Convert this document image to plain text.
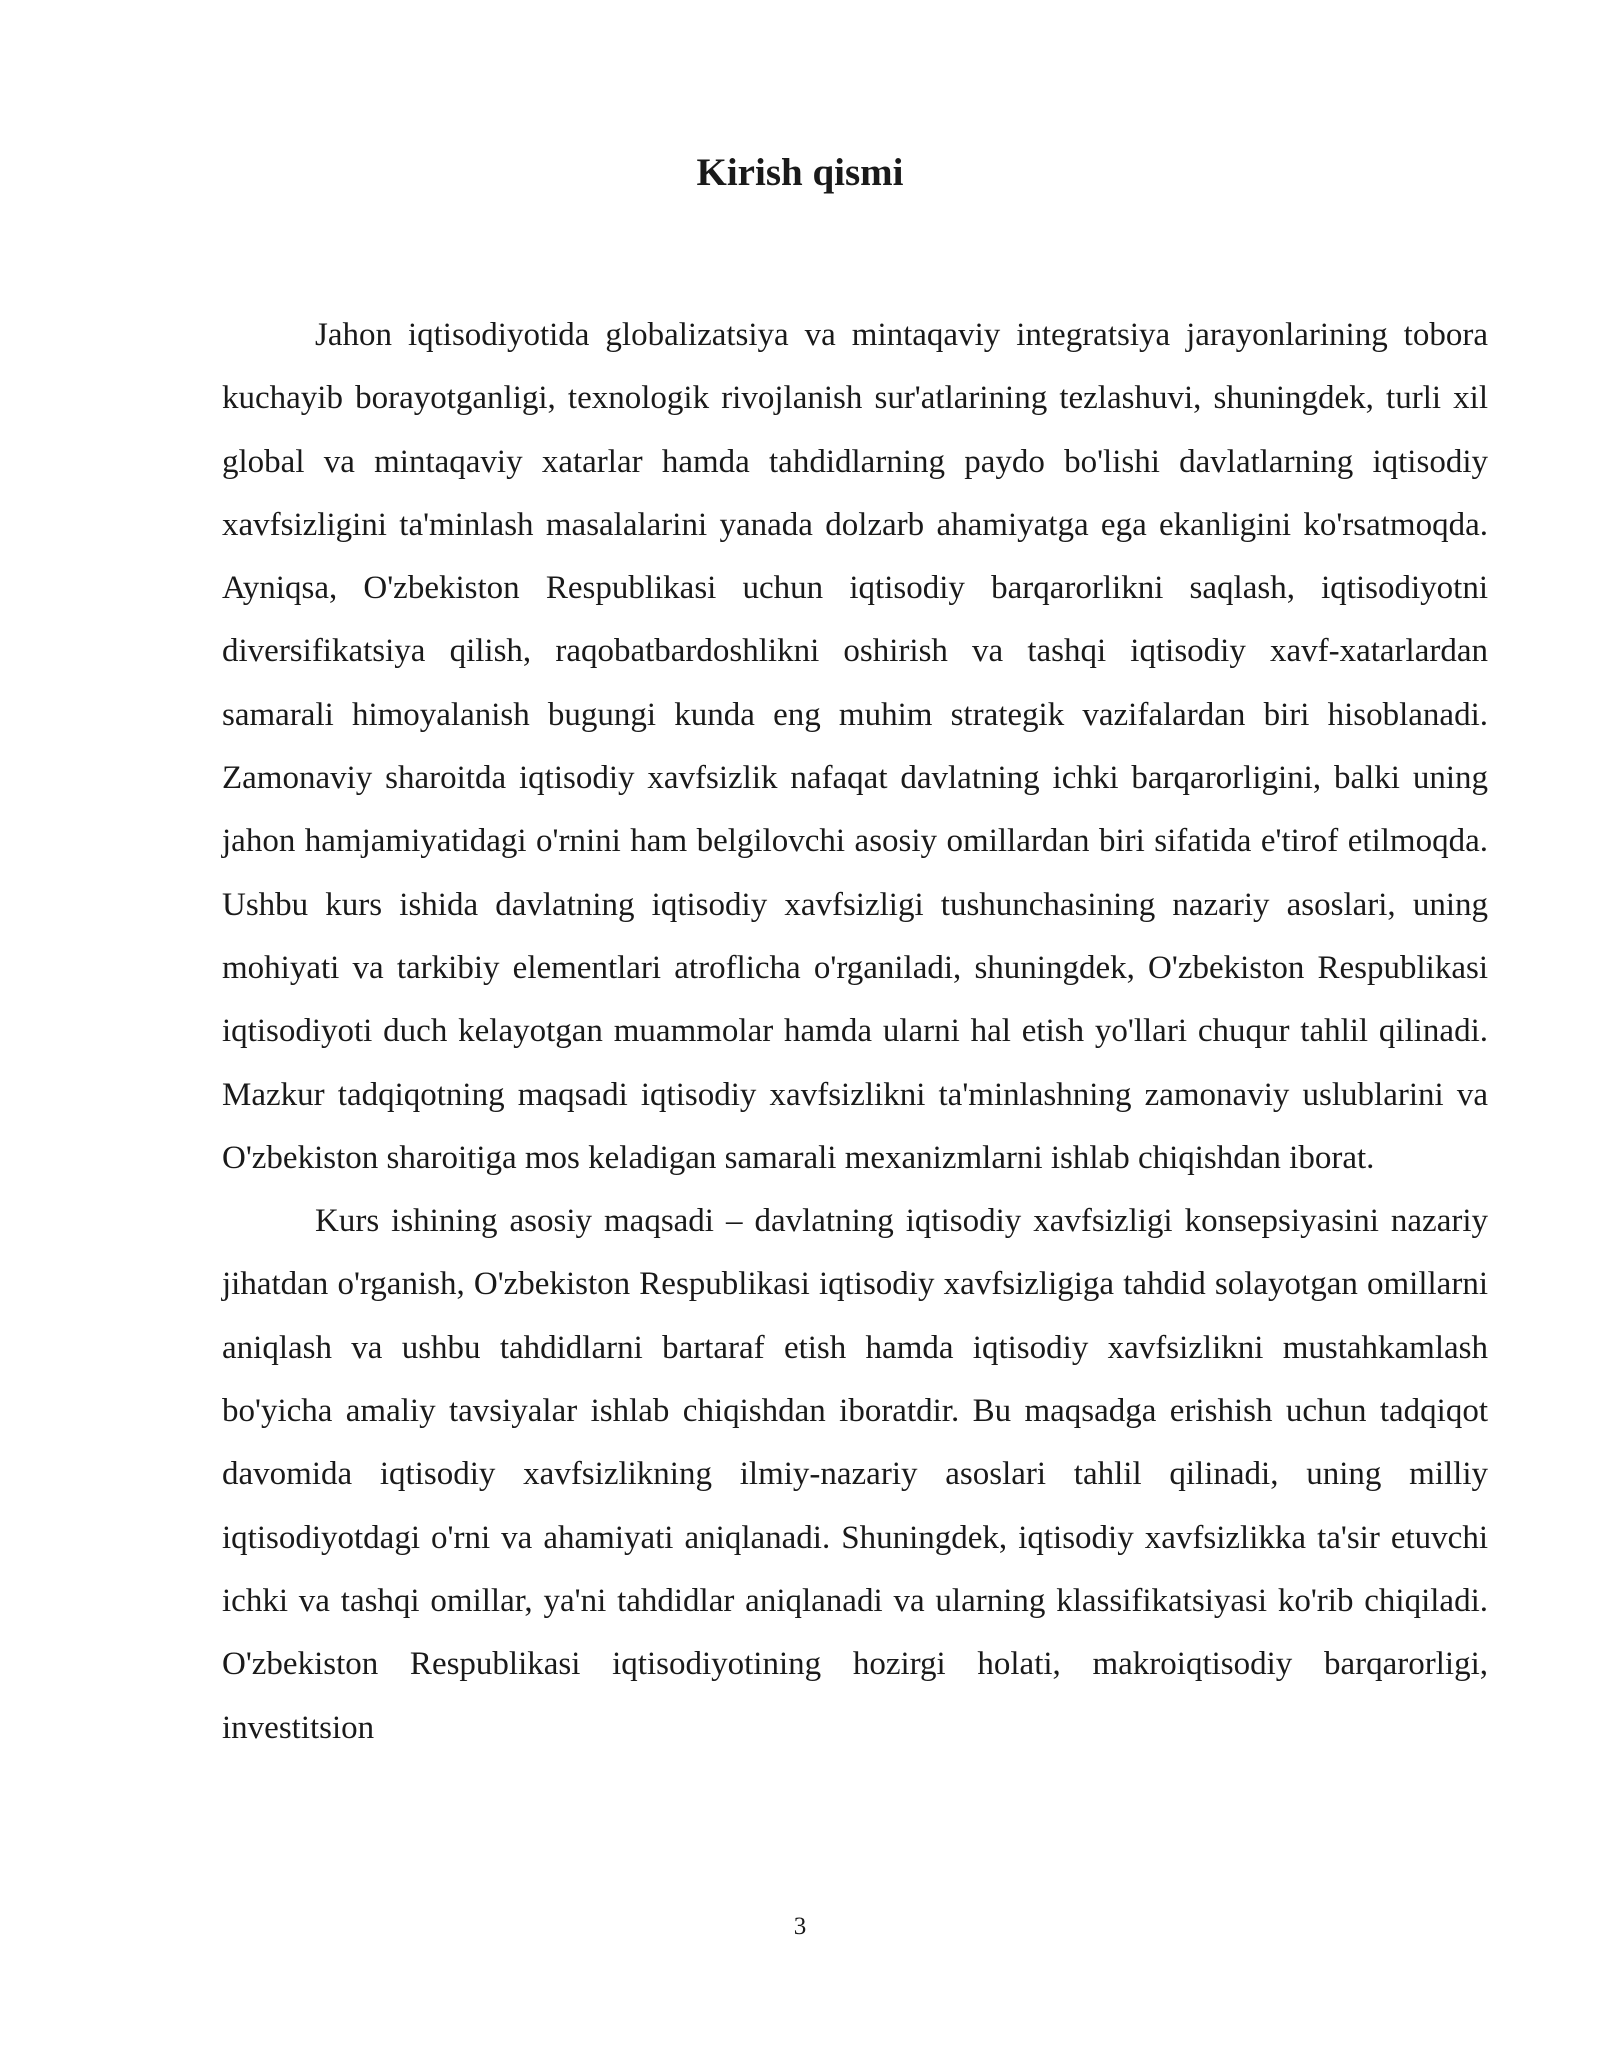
Kirish qismi

Jahon iqtisodiyotida globalizatsiya va mintaqaviy integratsiya jarayonlarining tobora kuchayib borayotganligi, texnologik rivojlanish sur'atlarining tezlashuvi, shuningdek, turli xil global va mintaqaviy xatarlar hamda tahdidlarning paydo bo'lishi davlatlarning iqtisodiy xavfsizligini ta'minlash masalalarini yanada dolzarb ahamiyatga ega ekanligini ko'rsatmoqda. Ayniqsa, O'zbekiston Respublikasi uchun iqtisodiy barqarorlikni saqlash, iqtisodiyotni diversifikatsiya qilish, raqobatbardoshlikni oshirish va tashqi iqtisodiy xavf-xatarlardan samarali himoyalanish bugungi kunda eng muhim strategik vazifalardan biri hisoblanadi. Zamonaviy sharoitda iqtisodiy xavfsizlik nafaqat davlatning ichki barqarorligini, balki uning jahon hamjamiyatidagi o'rnini ham belgilovchi asosiy omillardan biri sifatida e'tirof etilmoqda. Ushbu kurs ishida davlatning iqtisodiy xavfsizligi tushunchasining nazariy asoslari, uning mohiyati va tarkibiy elementlari atroflicha o'rganiladi, shuningdek, O'zbekiston Respublikasi iqtisodiyoti duch kelayotgan muammolar hamda ularni hal etish yo'llari chuqur tahlil qilinadi. Mazkur tadqiqotning maqsadi iqtisodiy xavfsizlikni ta'minlashning zamonaviy uslublarini va O'zbekiston sharoitiga mos keladigan samarali mexanizmlarni ishlab chiqishdan iborat.

Kurs ishining asosiy maqsadi – davlatning iqtisodiy xavfsizligi konsepsiyasini nazariy jihatdan o'rganish, O'zbekiston Respublikasi iqtisodiy xavfsizligiga tahdid solayotgan omillarni aniqlash va ushbu tahdidlarni bartaraf etish hamda iqtisodiy xavfsizlikni mustahkamlash bo'yicha amaliy tavsiyalar ishlab chiqishdan iboratdir. Bu maqsadga erishish uchun tadqiqot davomida iqtisodiy xavfsizlikning ilmiy-nazariy asoslari tahlil qilinadi, uning milliy iqtisodiyotdagi o'rni va ahamiyati aniqlanadi. Shuningdek, iqtisodiy xavfsizlikka ta'sir etuvchi ichki va tashqi omillar, ya'ni tahdidlar aniqlanadi va ularning klassifikatsiyasi ko'rib chiqiladi. O'zbekiston Respublikasi iqtisodiyotining hozirgi holati, makroiqtisodiy barqarorligi, investitsion

3
